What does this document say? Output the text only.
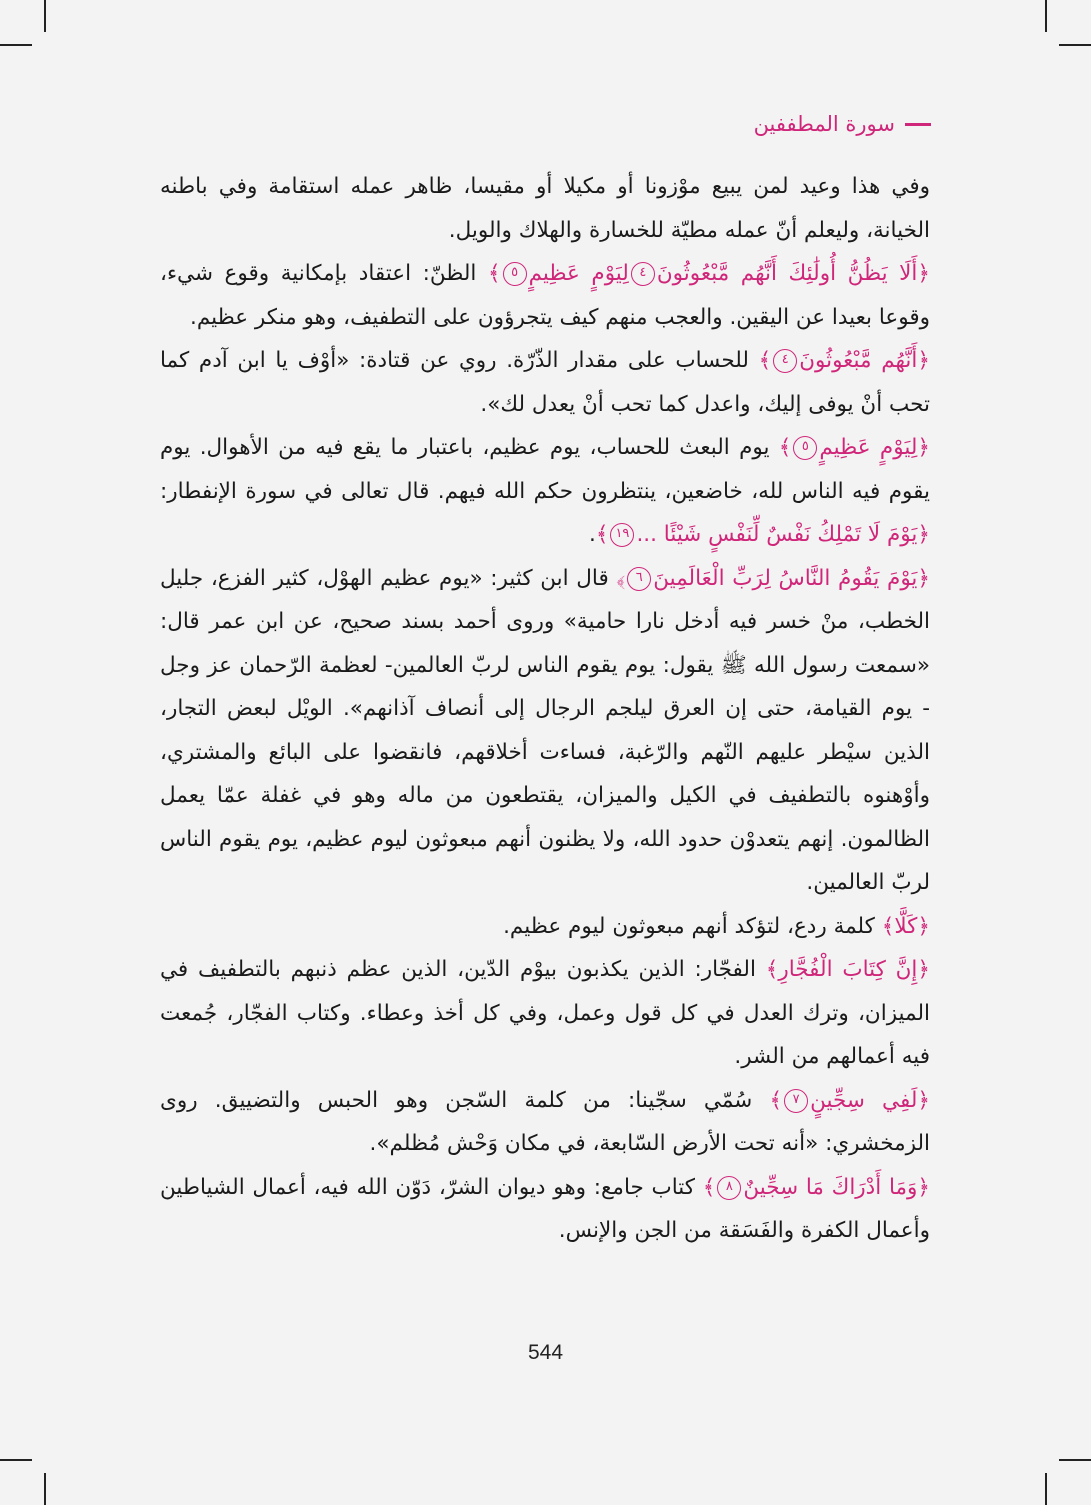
سورة المطففين

وفي هذا وعيد لمن يبيع موْزونا أو مكيلا أو مقيسا، ظاهر عمله استقامة وفي باطنه الخيانة، وليعلم أنّ عمله مطيّة للخسارة والهلاك والويل.

﴿أَلَا يَظُنُّ أُولَٰئِكَ أَنَّهُم مَّبْعُوثُونَ٤لِيَوْمٍ عَظِيمٍ٥﴾ الظنّ: اعتقاد بإمكانية وقوع شيء، وقوعا بعيدا عن اليقين. والعجب منهم كيف يتجرؤون على التطفيف، وهو منكر عظيم.

﴿أَنَّهُم مَّبْعُوثُونَ٤﴾ للحساب على مقدار الذّرّة. روي عن قتادة: «أوْف يا ابن آدم كما تحب أنْ يوفى إليك، واعدل كما تحب أنْ يعدل لك».

﴿لِيَوْمٍ عَظِيمٍ٥﴾ يوم البعث للحساب، يوم عظيم، باعتبار ما يقع فيه من الأهوال. يوم يقوم فيه الناس لله، خاضعين، ينتظرون حكم الله فيهم. قال تعالى في سورة الإنفطار: ﴿يَوْمَ لَا تَمْلِكُ نَفْسٌ لِّنَفْسٍ شَيْئًا ...١٩﴾.

﴿يَوْمَ يَقُومُ النَّاسُ لِرَبِّ الْعَالَمِينَ٦﴾ قال ابن كثير: «يوم عظيم الهوْل، كثير الفزع، جليل الخطب، منْ خسر فيه أدخل نارا حامية» وروى أحمد بسند صحيح، عن ابن عمر قال: «سمعت رسول الله ﷺ يقول: يوم يقوم الناس لربّ العالمين- لعظمة الرّحمان عز وجل - يوم القيامة، حتى إن العرق ليلجم الرجال إلى أنصاف آذانهم». الويْل لبعض التجار، الذين سيْطر عليهم النّهم والرّغبة، فساءت أخلاقهم، فانقضوا على البائع والمشتري، وأوْهنوه بالتطفيف في الكيل والميزان، يقتطعون من ماله وهو في غفلة عمّا يعمل الظالمون. إنهم يتعدوْن حدود الله، ولا يظنون أنهم مبعوثون ليوم عظيم، يوم يقوم الناس لربّ العالمين.

﴿كَلَّا﴾ كلمة ردع، لتؤكد أنهم مبعوثون ليوم عظيم.

﴿إِنَّ كِتَابَ الْفُجَّارِ﴾ الفجّار: الذين يكذبون بيوْم الدّين، الذين عظم ذنبهم بالتطفيف في الميزان، وترك العدل في كل قول وعمل، وفي كل أخذ وعطاء. وكتاب الفجّار، جُمعت فيه أعمالهم من الشر.

﴿لَفِي سِجِّينٍ٧﴾ سُمّي سجّينا: من كلمة السّجن وهو الحبس والتضييق. روى الزمخشري: «أنه تحت الأرض السّابعة، في مكان وَحْش مُظلم».

﴿وَمَا أَدْرَاكَ مَا سِجِّينٌ٨﴾ كتاب جامع: وهو ديوان الشرّ، دَوّن الله فيه، أعمال الشياطين وأعمال الكفرة والفَسَقة من الجن والإنس.

544
